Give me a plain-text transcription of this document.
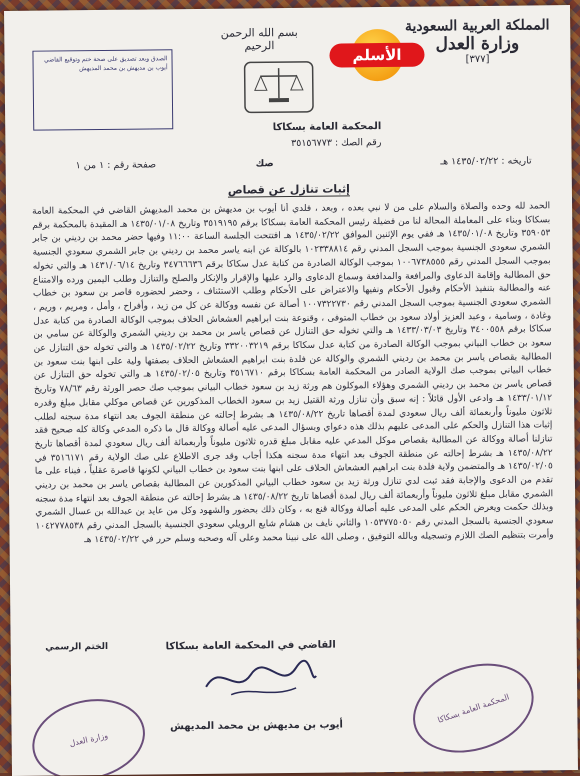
المملكة العربية السعودية
وزارة العدل
[٣٧٧]
بسم الله الرحمن الرحيم
الأسلم
الصدق وبعد تصديق على صحة ختم وتوقيع القاضي أيوب بن مديهش بن محمد المديهش
المحكمة العامة بسكاكا
رقم الصك : ٣٥١٥٦٧٧٣
تاريخه : ١٤٣٥/٠٢/٢٢ هـ
صك
صفحة رقم : ١ من ١
إثبات تنازل عن قصاص
الحمد لله وحده والصلاة والسلام على من لا نبي بعده ، وبعد ، فلدي أنا أيوب بن مديهش بن محمد المديهش القاضي في المحكمة العامة بسكاكا وبناء على المعاملة المحالة لنا من فضيلة رئيس المحكمة العامة بسكاكا برقم ٣٥١٩١٩٥ وتاريخ ١٤٣٥/٠١/٠٨ هـ المقيدة بالمحكمة برقم ٣٥٩٠٥٣ وتاريخ ١٤٣٥/٠١/٠٨ هـ ففي يوم الإثنين الموافق ١٤٣٥/٠٢/٢٢ هـ افتتحت الجلسة الساعة ١١:٠٠ وفيها حضر محمد بن رديني بن جابر الشمري سعودي الجنسية بموجب السجل المدني رقم ١٠٢٣٣٨٨١٤ بالوكالة عن ابنه ياسر محمد بن رديني بن جابر الشمري سعودي الجنسية بموجب السجل المدني رقم ١٠٠٦٧٣٨٥٥٥ بموجب الوكالة الصادرة من كتابة عدل سكاكا برقم ٣٤٧٦٦٦٣٦ وتاريخ ١٤٣١/٠٦/١٤ هـ والتي تخوله حق المطالبة وإقامة الدعاوى والمرافعة والمدافعة وسماع الدعاوى والرد عليها والإقرار والإنكار والصلح والتنازل وطلب اليمين ورده والامتناع عنه والمطالبة بتنفيذ الأحكام وقبول الأحكام ونفيها والاعتراض على الأحكام وطلب الاستئناف ، وحضر لحضوره قاصر بن سعود بن خطاب الشمري سعودي الجنسية بموجب السجل المدني رقم ١٠٠٧٣٢٢٧٣٠ أصالة عن نفسه ووكالة عن كل من زيد ، وأفراح ، وأمل ، ومريم ، وريم ، وغادة ، وسامية ، وعبد العزيز أولاد سعود بن خطاب المتوفى ، وقنوعة بنت ابراهيم العشعاش الحلاف بموجب الوكالة الصادرة من كتابة عدل سكاكا برقم ٣٤٠٠٥٥٨ وتاريخ ١٤٣٣/٠٣/٠٣ هـ والتي تخوله حق التنازل عن قصاص ياسر بن محمد بن رديني الشمري والوكالة عن سامي بن سعود بن خطاب البياني بموجب الوكالة الصادرة من كتابة عدل سكاكا برقم ٣٣٢٠٠٣٢١٩ وتاريخ ١٤٣٥/٠٢/٢٢ هـ والتي تخوله حق التنازل عن المطالبة بقصاص ياسر بن محمد بن رديني الشمري والوكالة عن فلدة بنت ابراهيم العشعاش الحلاف بصفتها ولية على ابنها بنت سعود بن خطاب البياني بموجب صك الولاية الصادر من المحكمة العامة بسكاكا برقم ٣٥١٦٧١٠ وتاريخ ١٤٣٥/٠٢/٠٥ هـ والتي تخوله حق التنازل عن قصاص ياسر بن محمد بن رديني الشمري وهؤلاء الموكلون هم ورثة زيد بن سعود خطاب البياني بموجب صك حصر الورثة رقم ٧٨/٦٣ وتاريخ ١٤٣٣/٠١/١٢ هـ وادعى الأول قائلاً : إنه سبق وأن تنازل ورثة القتيل زيد بن سعود الخطاب المذكورين عن قصاص موكلي مقابل مبلغ وقدره ثلاثون مليوناً وأربعمائة ألف ريال سعودي لمدة أقصاها تاريخ ١٤٣٥/٠٨/٢٢ هـ بشرط إحالته عن منطقة الجوف بعد انتهاء مدة سجنه لطلب إثبات هذا التنازل والحكم على المدعى عليهم بذلك هذه دعواي وبسؤال المدعى عليه أصالة ووكالة قال ما ذكره المدعي وكالة كله صحيح فقد تنازلنا أصالة ووكالة عن المطالبة بقصاص موكل المدعي عليه مقابل مبلغ قدره ثلاثون مليوناً وأربعمائة ألف ريال سعودي لمدة أقصاها تاريخ ١٤٣٥/٠٨/٢٢ هـ بشرط إحالته عن منطقة الجوف بعد انتهاء مدة سجنه هكذا أجاب وقد جرى الاطلاع على صك الولاية رقم ٣٥١٦١٧١ في ١٤٣٥/٠٢/٠٥ هـ والمتضمن ولاية فلدة بنت ابراهيم العشعاش الحلاف على ابنها بنت سعود بن خطاب البياني لكونها قاصرة عقلياً ، فبناء على ما تقدم من الدعوى والإجابة فقد ثبت لدي تنازل ورثة زيد بن سعود خطاب البياني المذكورين عن المطالبة بقصاص ياسر بن محمد بن رديني الشمري مقابل مبلغ ثلاثون مليوناً وأربعمائة ألف ريال لمدة أقصاها تاريخ ١٤٣٥/٠٨/٢٢ هـ بشرط إحالته عن منطقة الجوف بعد انتهاء مدة سجنه وبذلك حكمت ويعرض الحكم على المدعى عليه أصالة ووكالة قنع به ، وكان ذلك بحضور والشهود وكل من عايد بن عبدالله بن عسال الشمري سعودي الجنسية بالسجل المدني رقم ١٠٥٣٧٧٥٠٥٠ والثاني نايف بن هشام شايع الرويلي سعودي الجنسية بالسجل المدني رقم ١٠٤٢٧٧٨٥٣٨ وأمرت بتنظيم الصك اللازم وتسجيله وبالله التوفيق ، وصلى الله على نبينا محمد وعلى آله وصحبه وسلم حرر في ١٤٣٥/٠٢/٢٢ هـ
القاضي في المحكمة العامة بسكاكا
الختم الرسمي
أيوب بن مديهش بن محمد المديهش
المحكمة العامة بسكاكا
وزارة العدل
